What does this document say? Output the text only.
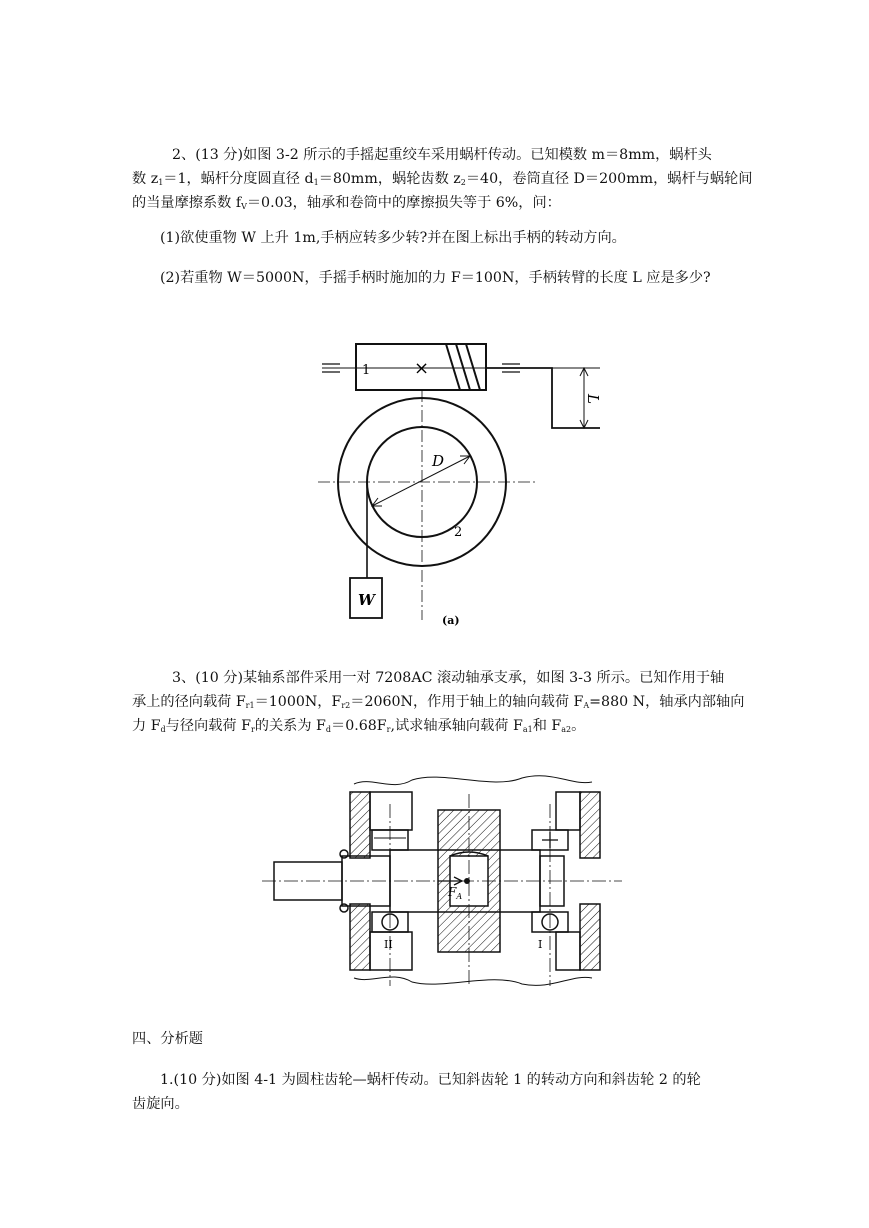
2、(13 分)如图 3-2 所示的手摇起重绞车采用蜗杆传动。已知模数 m＝8mm，蜗杆头
数 $z_1=1$，蜗杆分度圆直径 $d_1=80mm$，蜗轮齿数 $z_2=40$，卷筒直径 D＝200mm，蜗杆与蜗轮间
的当量摩擦系数 $f_V=0.03$，轴承和卷筒中的摩擦损失等于 6%，问：
(1)欲使重物 W 上升 1m,手柄应转多少转?并在图上标出手柄的转动方向。
(2)若重物 W＝5000N，手摇手柄时施加的力 F＝100N，手柄转臂的长度 L 应是多少?
1 ×
L
D
2
W
(a)
3、(10 分)某轴系部件采用一对 7208AC 滚动轴承支承，如图 3-3 所示。已知作用于轴
承上的径向载荷 $F_{r1}=1000N$，$F_{r2}=2060N$，作用于轴上的轴向载荷 $F_A=880$ N，轴承内部轴向
力 $F_d$与径向载荷 $F_r$的关系为 $F_d=0.68F_r$,试求轴承轴向载荷 $F_{a1}$和 $F_{a2}$。
$F_A$
II	I
四、分析题
1.(10 分)如图 4-1 为圆柱齿轮—蜗杆传动。已知斜齿轮 1 的转动方向和斜齿轮 2 的轮
齿旋向。
